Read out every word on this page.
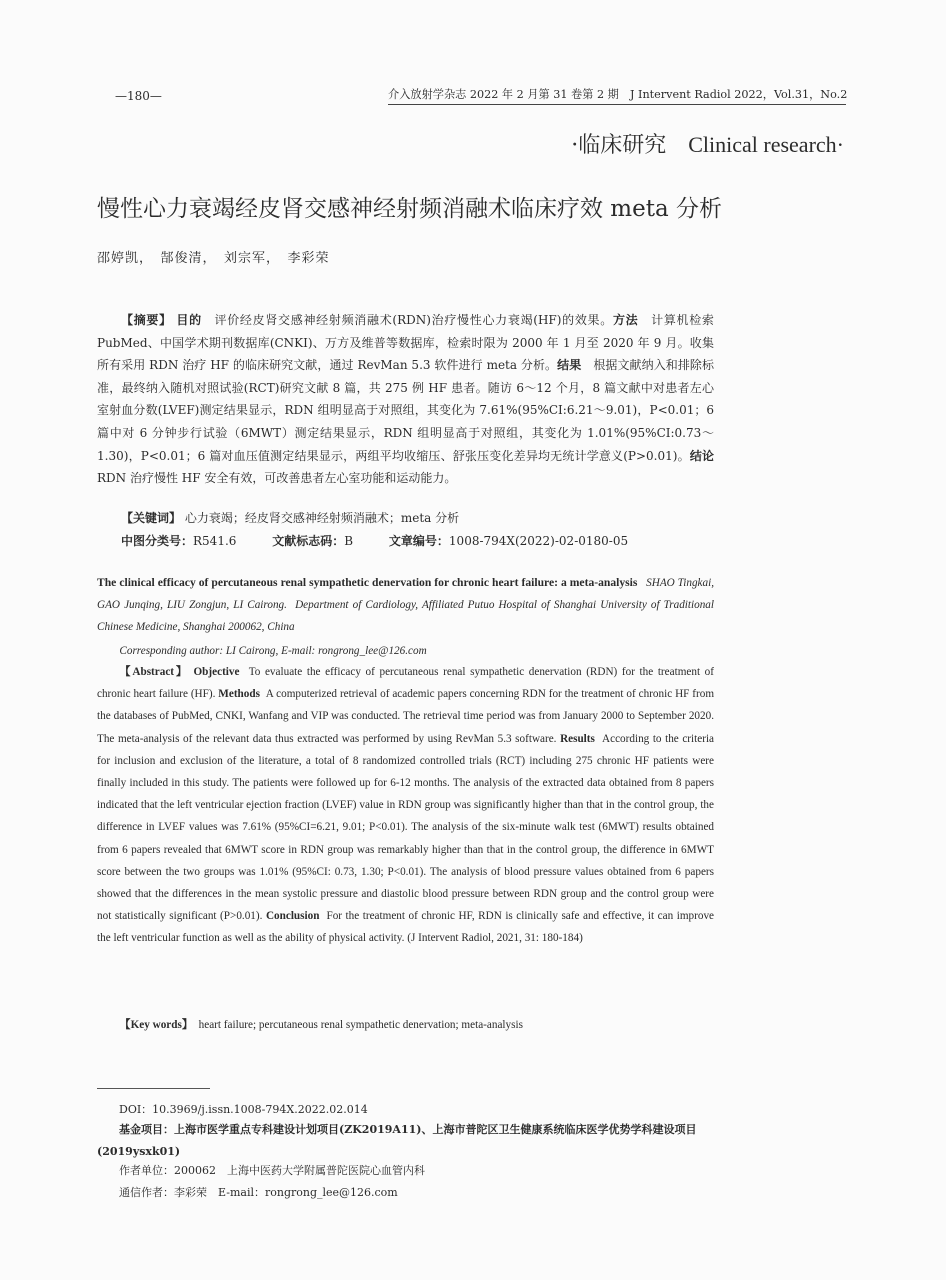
—180—	介入放射学杂志 2022 年 2 月第 31 卷第 2 期　J Intervent Radiol 2022，Vol.31，No.2
·临床研究 Clinical research·
慢性心力衰竭经皮肾交感神经射频消融术临床疗效 meta 分析
邵婷凯，　郜俊清，　刘宗军，　李彩荣

【摘要】 目的　 评价经皮肾交感神经射频消融术(RDN)治疗慢性心力衰竭(HF)的效果。方法　 计算机检索 PubMed、中国学术期刊数据库(CNKI)、万方及维普等数据库，检索时限为 2000 年 1 月至 2020 年 9 月。收集所有采用 RDN 治疗 HF 的临床研究文献，通过 RevMan 5.3 软件进行 meta 分析。结果　 根据文献纳入和排除标准，最终纳入随机对照试验(RCT)研究文献 8 篇，共 275 例 HF 患者。随访 6～12 个月，8 篇文献中对患者左心室射血分数(LVEF)测定结果显示，RDN 组明显高于对照组，其变化为 7.61%(95%CI:6.21～9.01)，P<0.01；6 篇中对 6 分钟步行试验（6MWT）测定结果显示，RDN 组明显高于对照组，其变化为 1.01%(95%CI:0.73～1.30)，P<0.01；6 篇对血压值测定结果显示，两组平均收缩压、舒张压变化差异均无统计学意义(P>0.01)。结论　RDN 治疗慢性 HF 安全有效，可改善患者左心室功能和运动能力。

【关键词】 心力衰竭；经皮肾交感神经射频消融术；meta 分析

中图分类号：R541.6	文献标志码：B	文章编号：1008-794X(2022)-02-0180-05

The clinical efficacy of percutaneous renal sympathetic denervation for chronic heart failure: a meta-analysis SHAO Tingkai, GAO Junqing, LIU Zongjun, LI Cairong. Department of Cardiology, Affiliated Putuo Hospital of Shanghai University of Traditional Chinese Medicine, Shanghai 200062, China

Corresponding author: LI Cairong, E-mail: rongrong_lee@126.com

【Abstract】 Objective To evaluate the efficacy of percutaneous renal sympathetic denervation (RDN) for the treatment of chronic heart failure (HF). Methods A computerized retrieval of academic papers concerning RDN for the treatment of chronic HF from the databases of PubMed, CNKI, Wanfang and VIP was conducted. The retrieval time period was from January 2000 to September 2020. The meta-analysis of the relevant data thus extracted was performed by using RevMan 5.3 software. Results According to the criteria for inclusion and exclusion of the literature, a total of 8 randomized controlled trials (RCT) including 275 chronic HF patients were finally included in this study. The patients were followed up for 6-12 months. The analysis of the extracted data obtained from 8 papers indicated that the left ventricular ejection fraction (LVEF) value in RDN group was significantly higher than that in the control group, the difference in LVEF values was 7.61% (95%CI=6.21, 9.01; P<0.01). The analysis of the six-minute walk test (6MWT) results obtained from 6 papers revealed that 6MWT score in RDN group was remarkably higher than that in the control group, the difference in 6MWT score between the two groups was 1.01% (95%CI: 0.73, 1.30; P<0.01). The analysis of blood pressure values obtained from 6 papers showed that the differences in the mean systolic pressure and diastolic blood pressure between RDN group and the control group were not statistically significant (P>0.01). Conclusion For the treatment of chronic HF, RDN is clinically safe and effective, it can improve the left ventricular function as well as the ability of physical activity. (J Intervent Radiol, 2021, 31: 180-184)

【Key words】 heart failure; percutaneous renal sympathetic denervation; meta-analysis

DOI：10.3969/j.issn.1008-794X.2022.02.014

基金项目：上海市医学重点专科建设计划项目(ZK2019A11)、上海市普陀区卫生健康系统临床医学优势学科建设项目(2019ysxk01)

作者单位：200062　上海中医药大学附属普陀医院心血管内科

通信作者：李彩荣　E-mail：rongrong_lee@126.com
